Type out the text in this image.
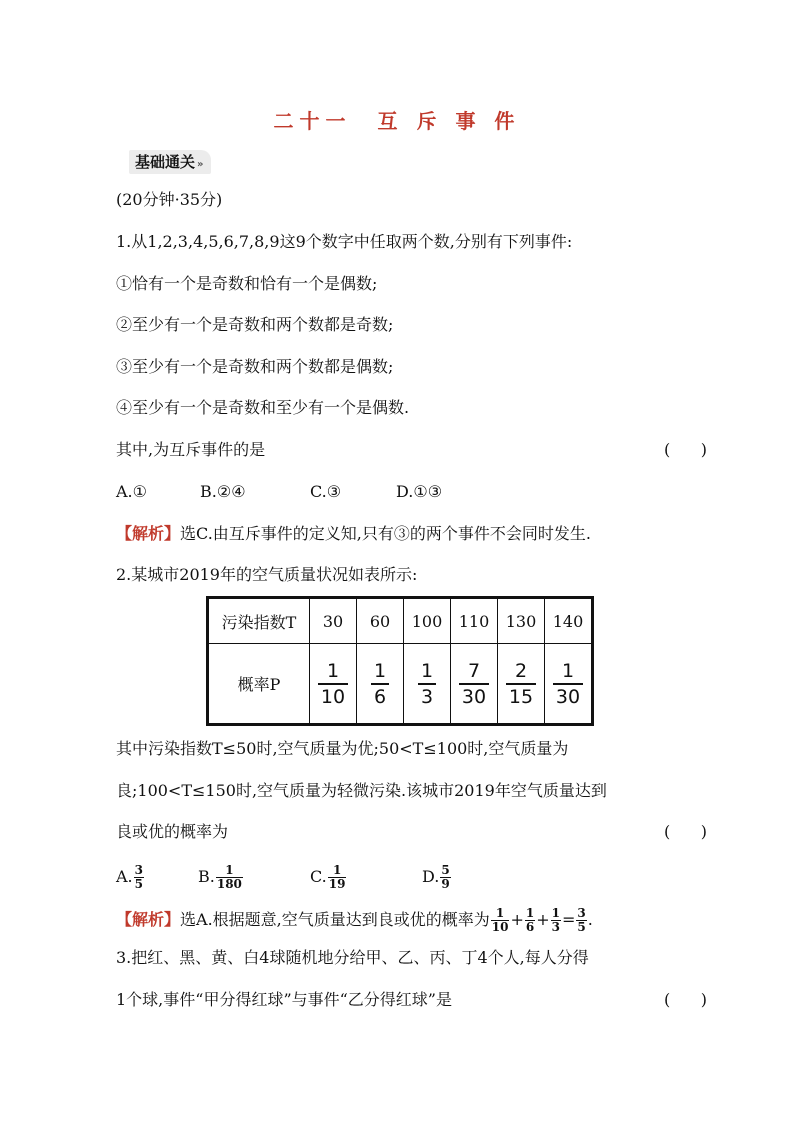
二十一　互 斥 事 件
基础通关 »
(20分钟·35分)
1.从1,2,3,4,5,6,7,8,9这9个数字中任取两个数,分别有下列事件:
①恰有一个是奇数和恰有一个是偶数;
②至少有一个是奇数和两个数都是奇数;
③至少有一个是奇数和两个数都是偶数;
④至少有一个是奇数和至少有一个是偶数.
其中,为互斥事件的是	(      )
A.①	B.②④	C.③	D.①③
【解析】选C.由互斥事件的定义知,只有③的两个事件不会同时发生.
2.某城市2019年的空气质量状况如表所示:
污染指数T	30	60	100	110	130	140
概率P	$\frac{1}{10}$	$\frac{1}{6}$	$\frac{1}{3}$	$\frac{7}{30}$	$\frac{2}{15}$	$\frac{1}{30}$
其中污染指数T≤50时,空气质量为优;50<T≤100时,空气质量为
良;100<T≤150时,空气质量为轻微污染.该城市2019年空气质量达到
良或优的概率为	(      )
A. $\frac{3}{5}$	B. $\frac{1}{180}$	C. $\frac{1}{19}$	D. $\frac{5}{9}$
【解析】选A.根据题意,空气质量达到良或优的概率为 $\frac{1}{10} + \frac{1}{6} + \frac{1}{3} = \frac{3}{5}$ .
3.把红、黑、黄、白4球随机地分给甲、乙、丙、丁4个人,每人分得
1个球,事件“甲分得红球”与事件“乙分得红球”是	(      )
